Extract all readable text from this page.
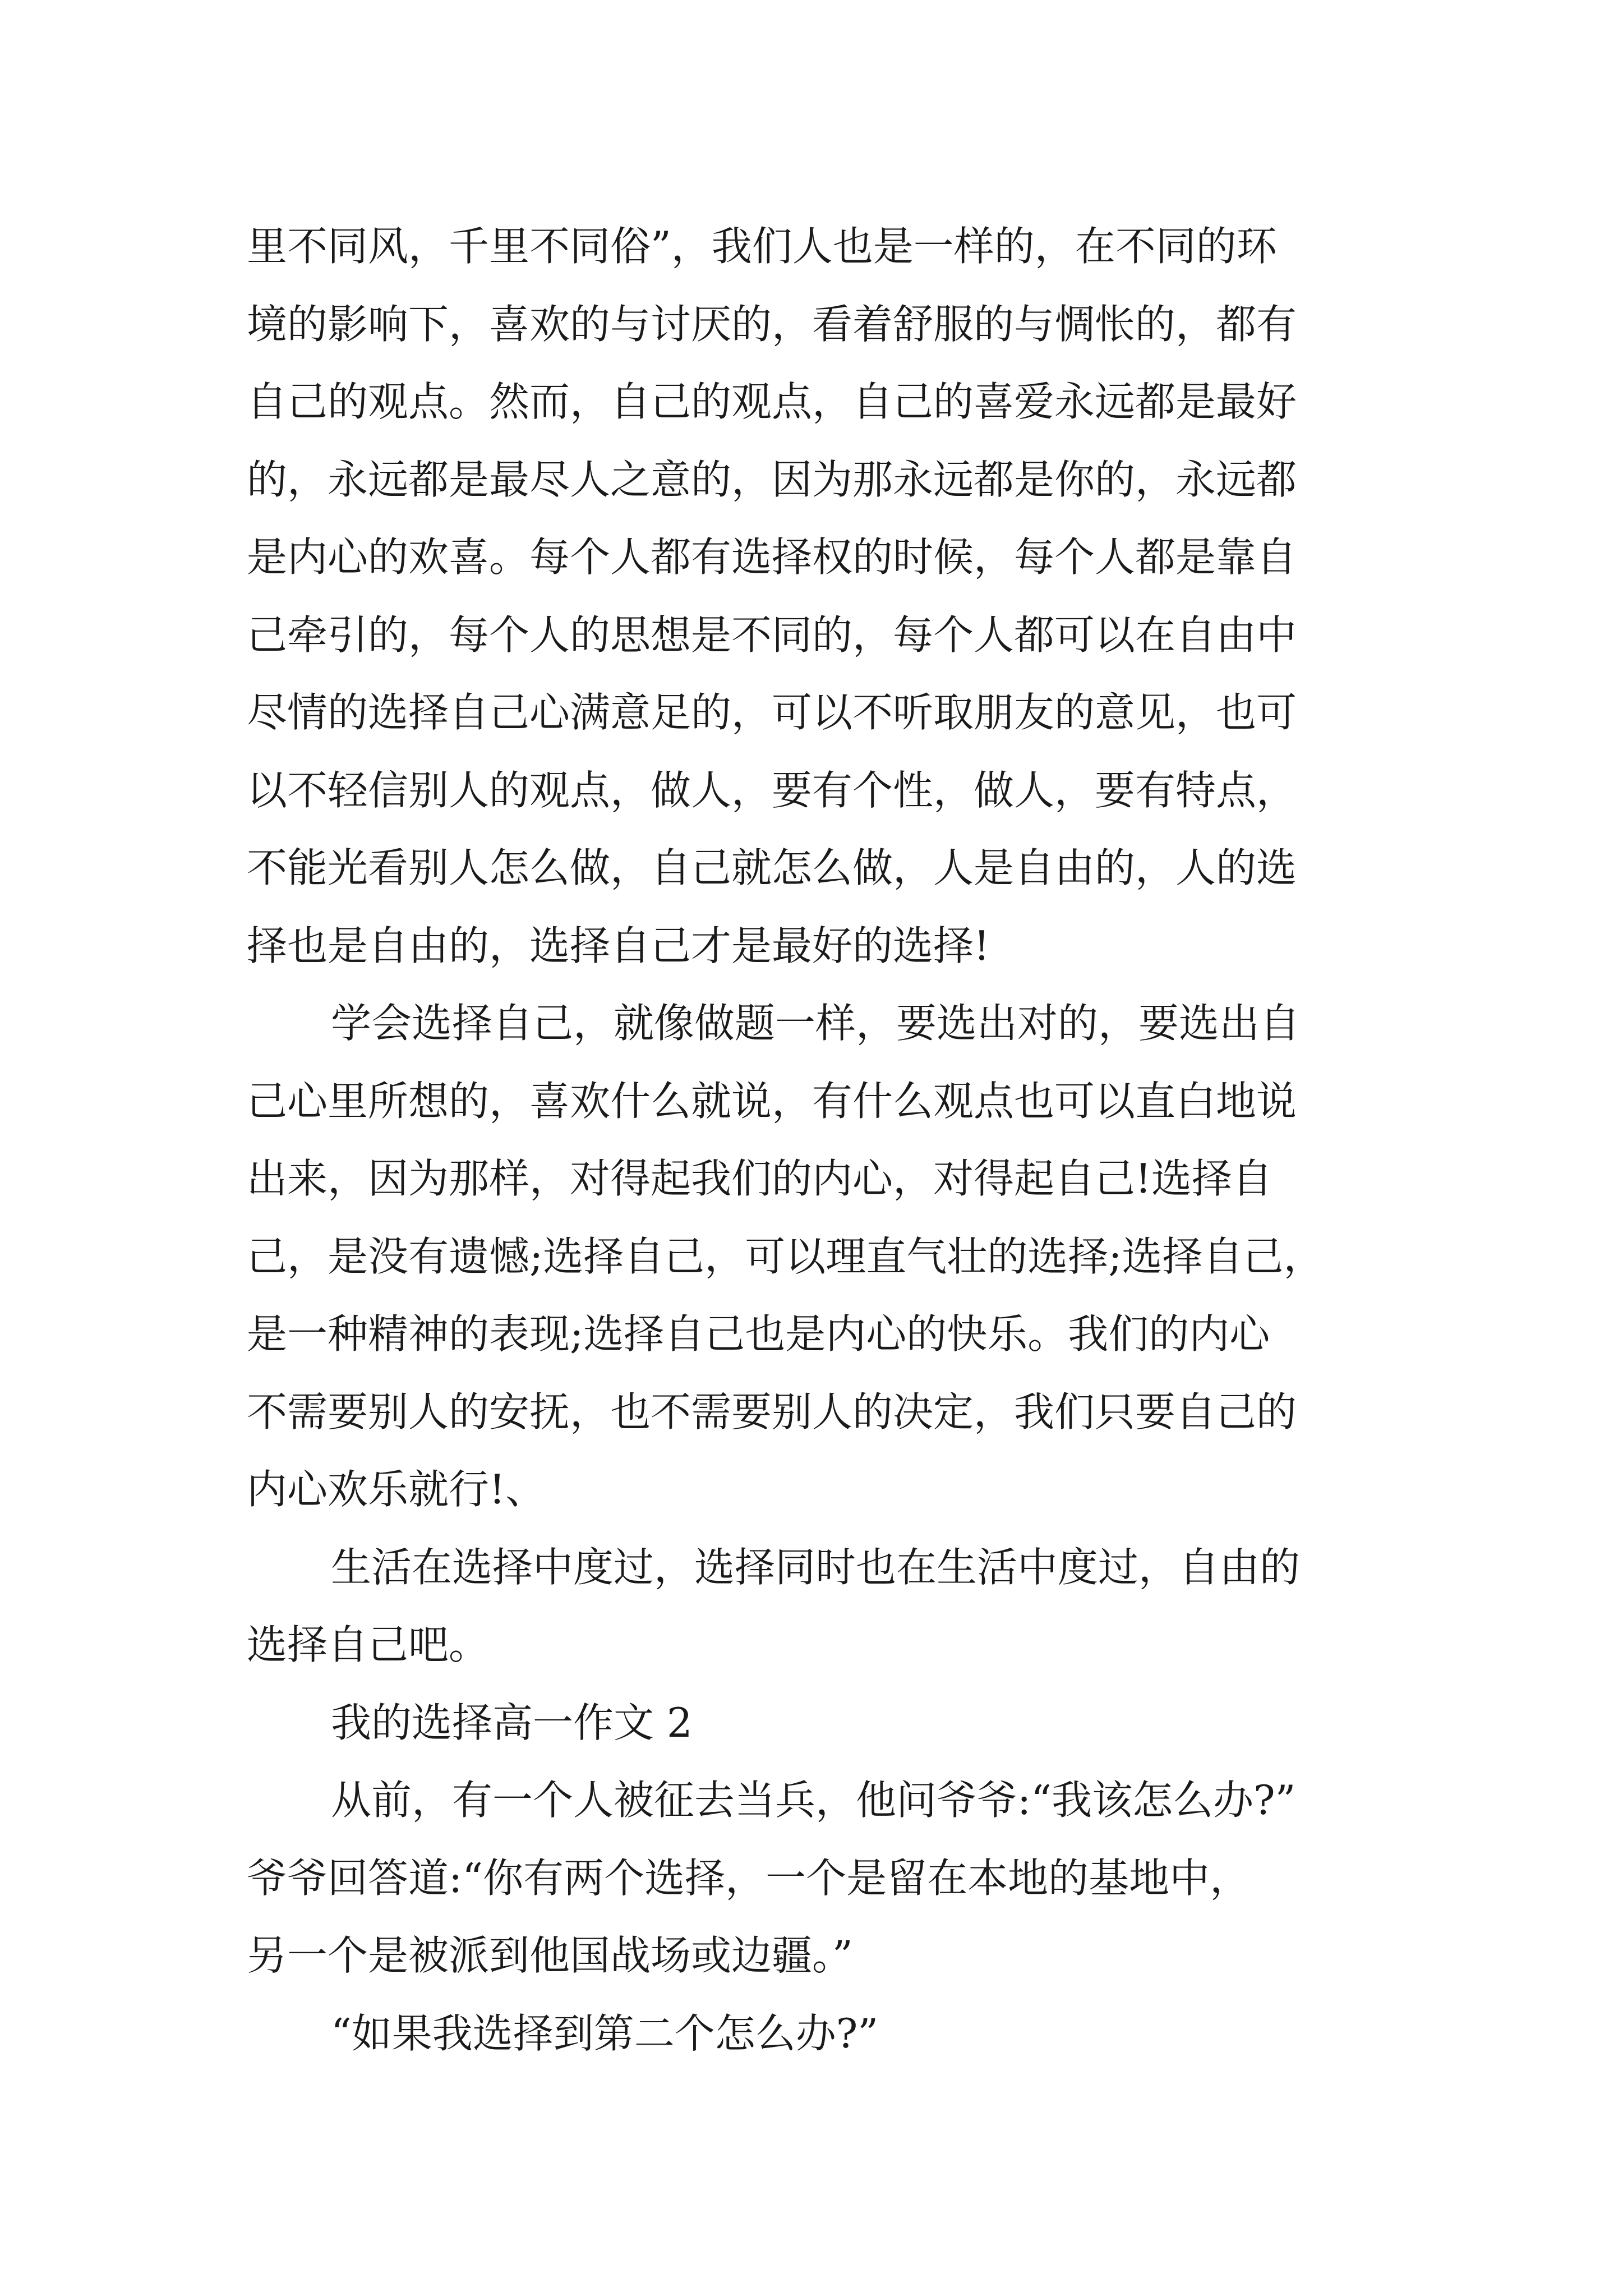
里不同风，千里不同俗”，我们人也是一样的，在不同的环
境的影响下，喜欢的与讨厌的，看着舒服的与惆怅的，都有
自己的观点。然而，自己的观点，自己的喜爱永远都是最好
的，永远都是最尽人之意的，因为那永远都是你的，永远都
是内心的欢喜。每个人都有选择权的时候，每个人都是靠自
己牵引的，每个人的思想是不同的，每个人都可以在自由中
尽情的选择自己心满意足的，可以不听取朋友的意见，也可
以不轻信别人的观点，做人，要有个性，做人，要有特点，
不能光看别人怎么做，自己就怎么做，人是自由的，人的选
择也是自由的，选择自己才是最好的选择!
学会选择自己，就像做题一样，要选出对的，要选出自
己心里所想的，喜欢什么就说，有什么观点也可以直白地说
出来，因为那样，对得起我们的内心，对得起自己!选择自
己，是没有遗憾;选择自己，可以理直气壮的选择;选择自己，
是一种精神的表现;选择自己也是内心的快乐。我们的内心
不需要别人的安抚，也不需要别人的决定，我们只要自己的
内心欢乐就行!、
生活在选择中度过，选择同时也在生活中度过，自由的
选择自己吧。
我的选择高一作文 2
从前，有一个人被征去当兵，他问爷爷:“我该怎么办?”
爷爷回答道:“你有两个选择，一个是留在本地的基地中，
另一个是被派到他国战场或边疆。”
“如果我选择到第二个怎么办?”
